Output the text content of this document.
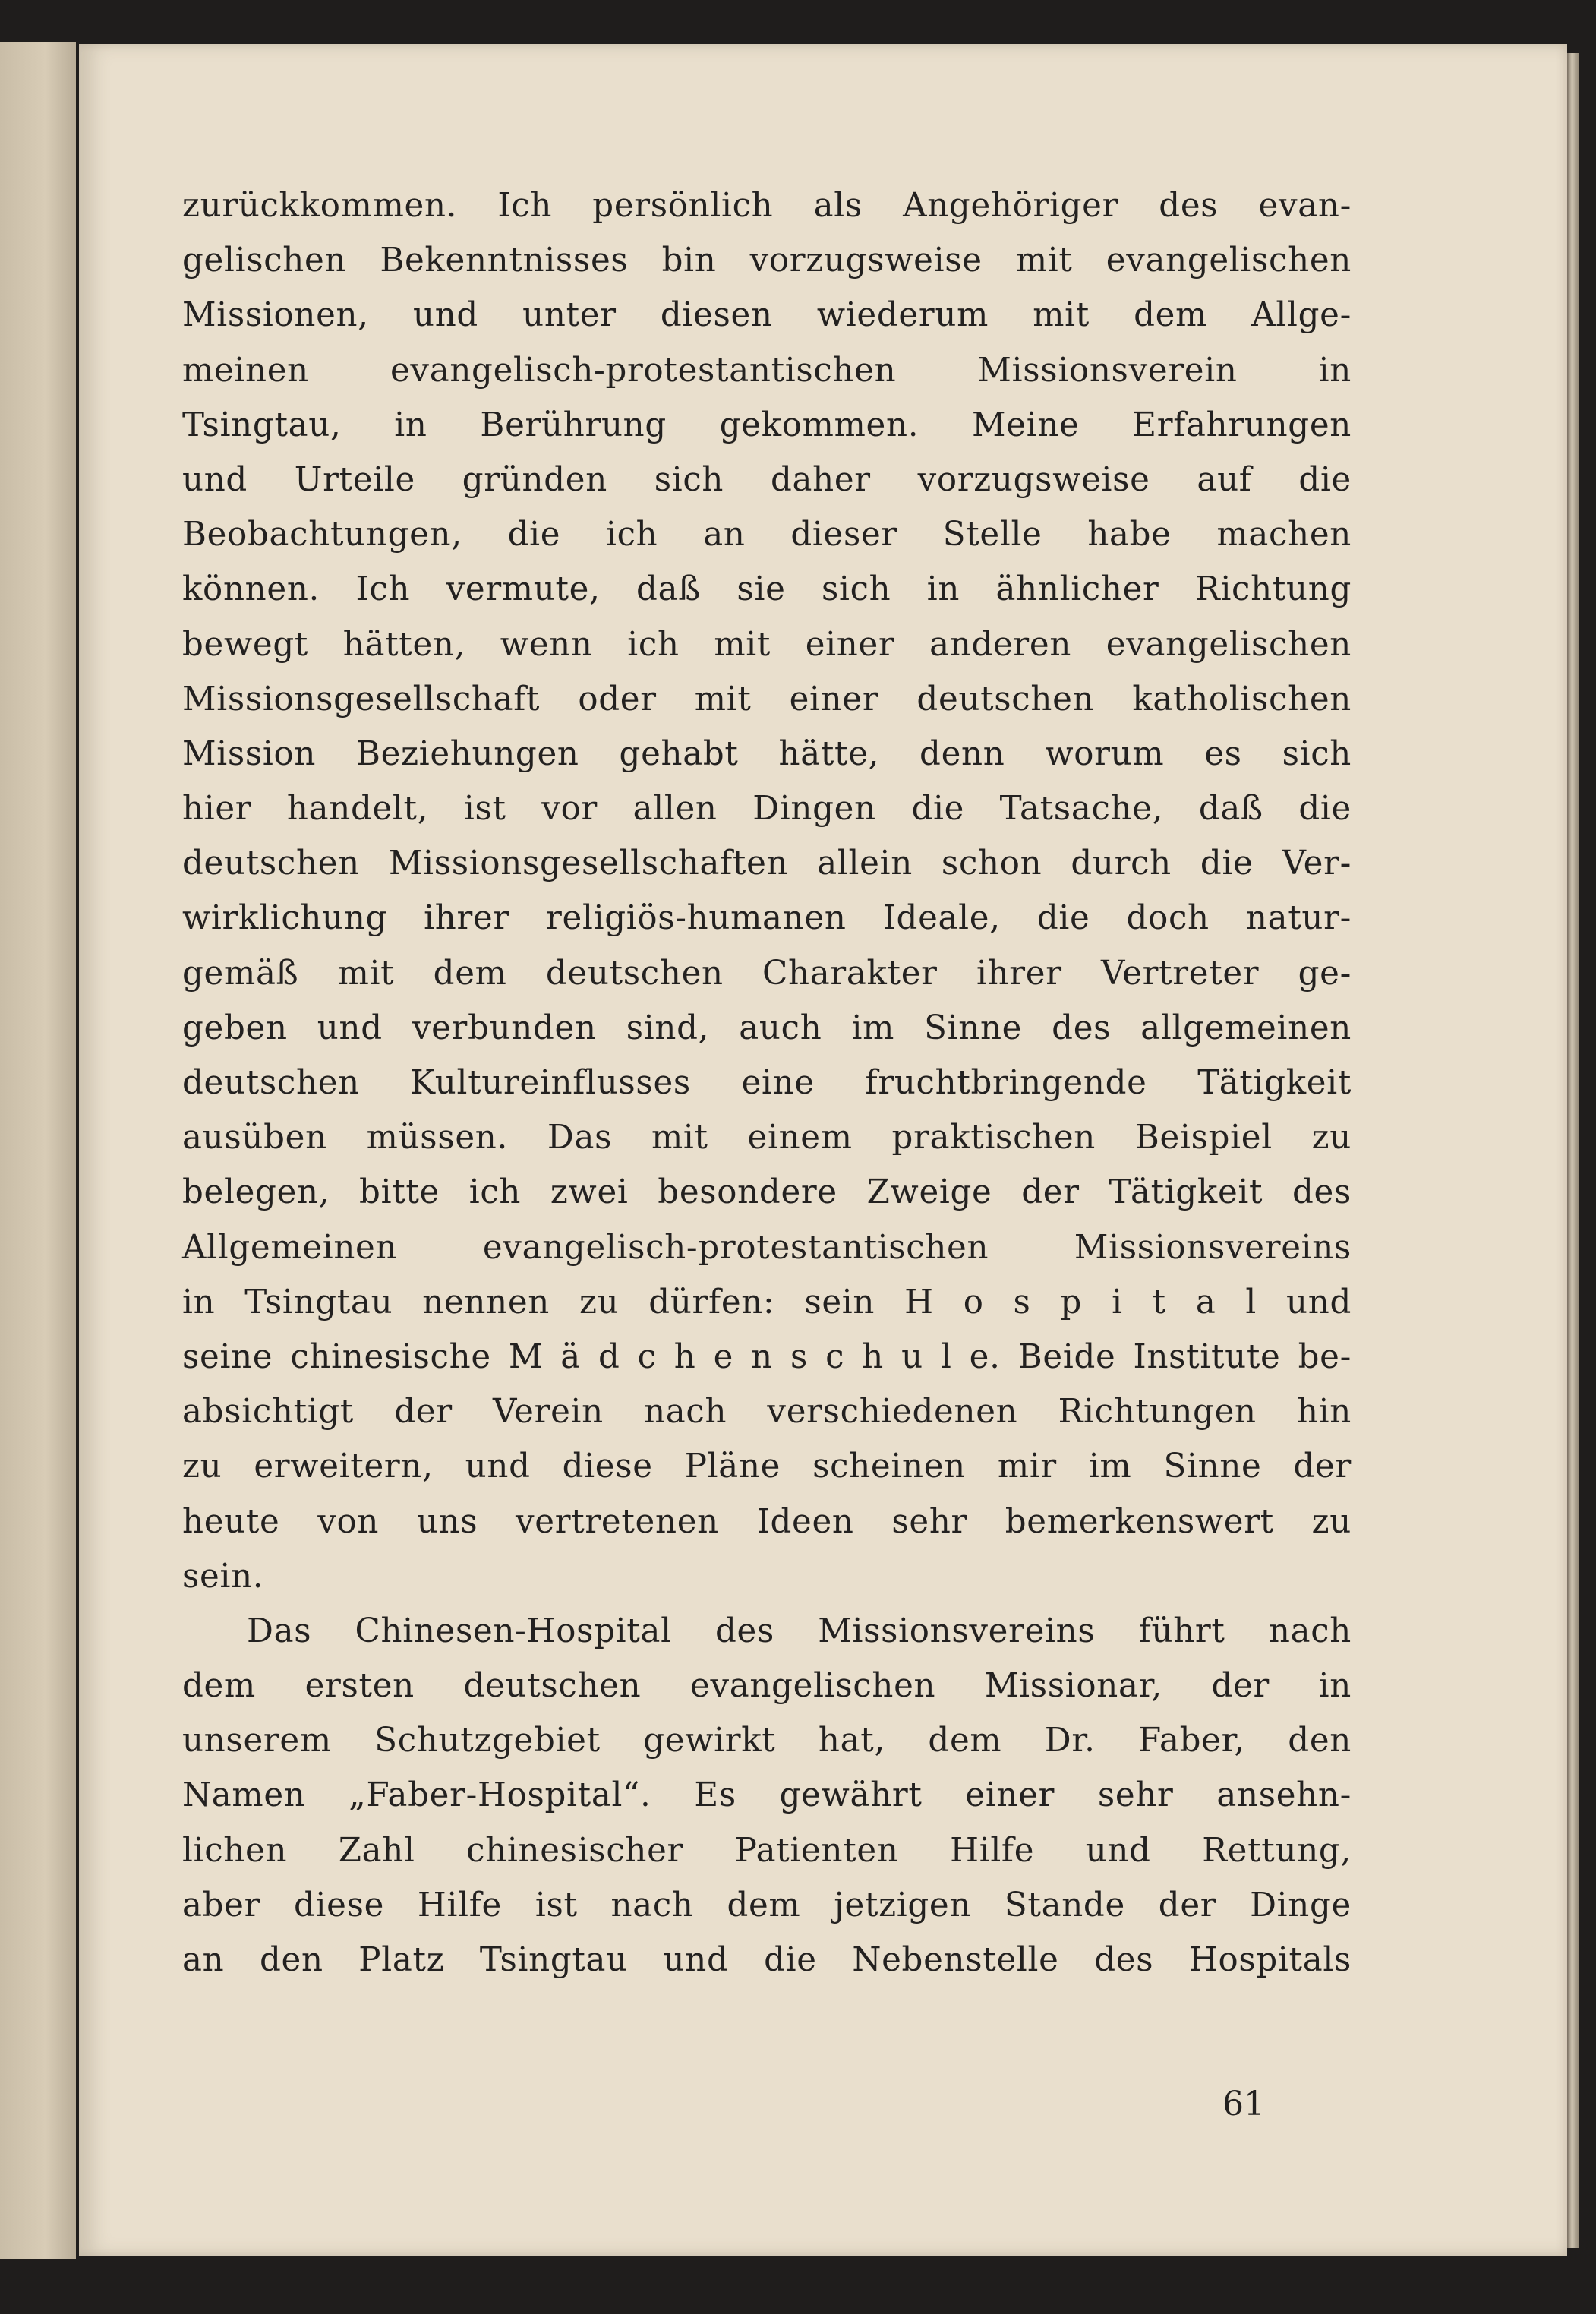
zurückkommen. Ich persönlich als Angehöriger des evan-
gelischen Bekenntnisses bin vorzugsweise mit evangelischen
Missionen, und unter diesen wiederum mit dem Allge-
meinen evangelisch-protestantischen Missionsverein in
Tsingtau, in Berührung gekommen. Meine Erfahrungen
und Urteile gründen sich daher vorzugsweise auf die
Beobachtungen, die ich an dieser Stelle habe machen
können. Ich vermute, daß sie sich in ähnlicher Richtung
bewegt hätten, wenn ich mit einer anderen evangelischen
Missionsgesellschaft oder mit einer deutschen katholischen
Mission Beziehungen gehabt hätte, denn worum es sich
hier handelt, ist vor allen Dingen die Tatsache, daß die
deutschen Missionsgesellschaften allein schon durch die Ver-
wirklichung ihrer religiös-humanen Ideale, die doch natur-
gemäß mit dem deutschen Charakter ihrer Vertreter ge-
geben und verbunden sind, auch im Sinne des allgemeinen
deutschen Kultureinflusses eine fruchtbringende Tätigkeit
ausüben müssen. Das mit einem praktischen Beispiel zu
belegen, bitte ich zwei besondere Zweige der Tätigkeit des
Allgemeinen evangelisch-protestantischen Missionsvereins
in Tsingtau nennen zu dürfen: sein H o s p i t a l und
seine chinesische M ä d c h e n s c h u l e. Beide Institute be-
absichtigt der Verein nach verschiedenen Richtungen hin
zu erweitern, und diese Pläne scheinen mir im Sinne der
heute von uns vertretenen Ideen sehr bemerkenswert zu
sein.
Das Chinesen-Hospital des Missionsvereins führt nach
dem ersten deutschen evangelischen Missionar, der in
unserem Schutzgebiet gewirkt hat, dem Dr. Faber, den
Namen „Faber-Hospital“. Es gewährt einer sehr ansehn-
lichen Zahl chinesischer Patienten Hilfe und Rettung,
aber diese Hilfe ist nach dem jetzigen Stande der Dinge
an den Platz Tsingtau und die Nebenstelle des Hospitals
61
